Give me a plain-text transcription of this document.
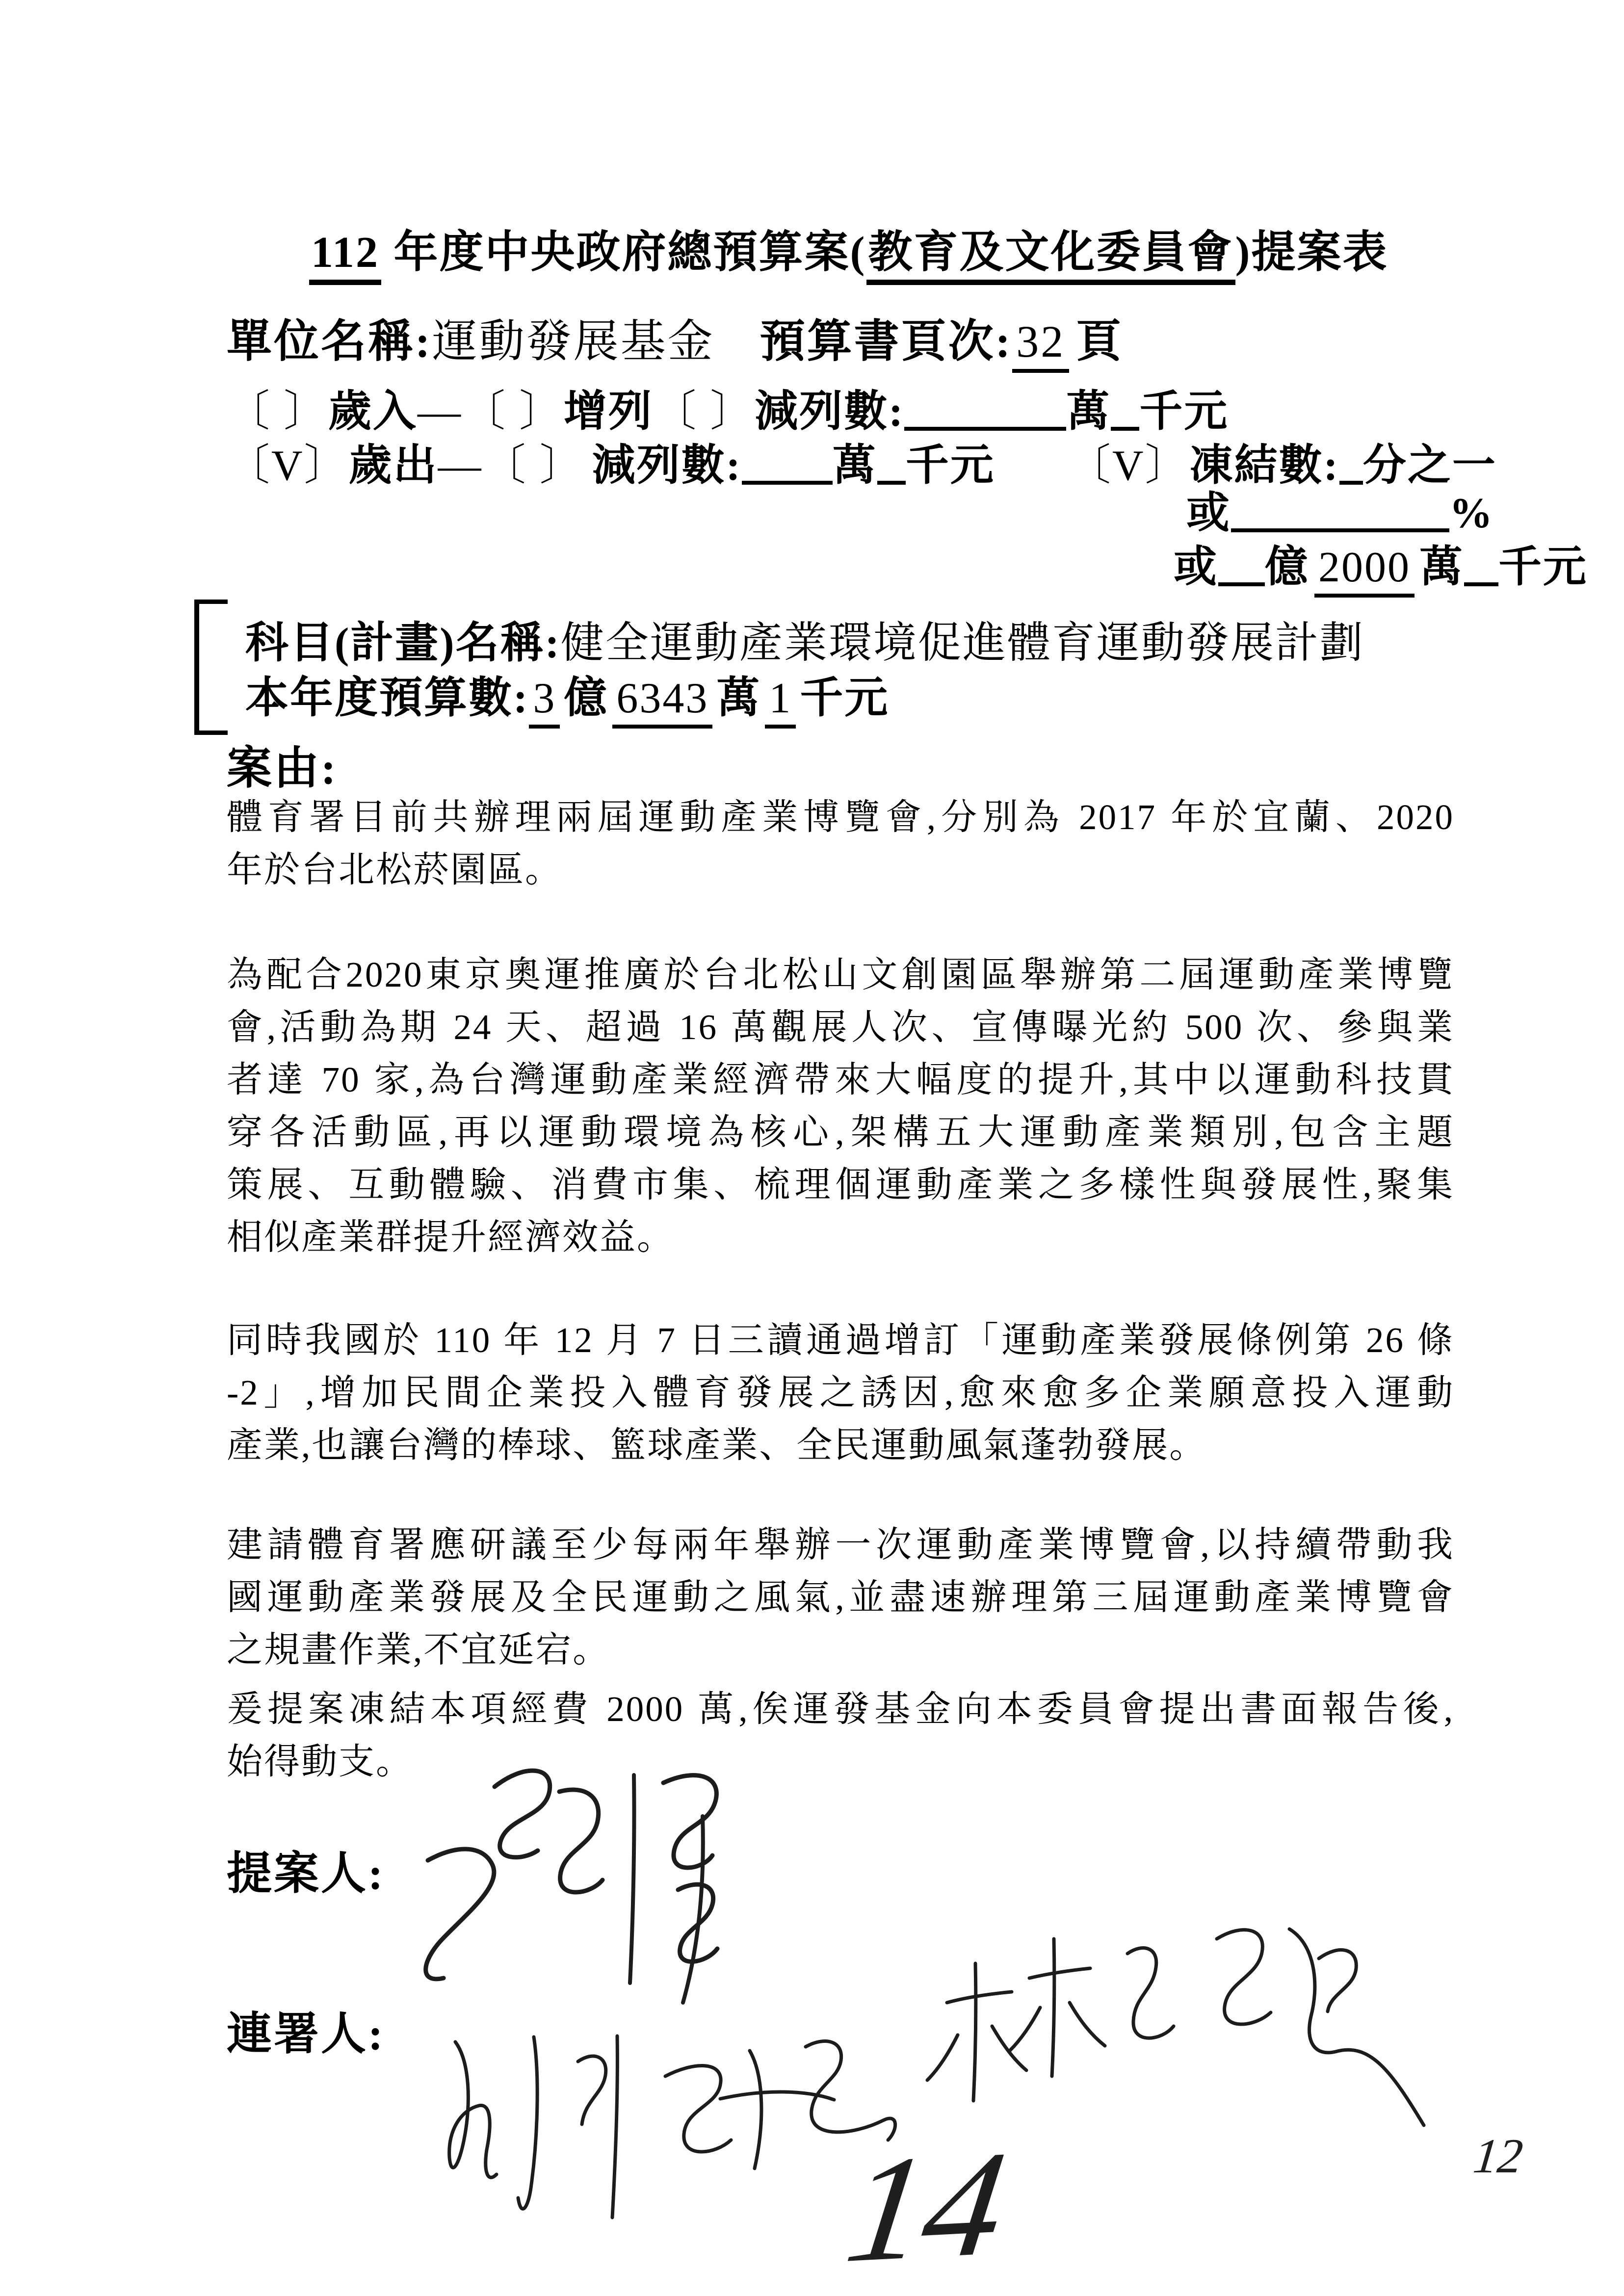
112 年度中央政府總預算案(教育及文化委員會)提案表
單位名稱:運動發展基金 預算書頁次:32 頁
〔 〕歲入—〔 〕增列〔 〕減列數:	萬 千元
〔V〕歲出—〔 〕 減列數: 萬 千元 〔V〕凍結數: 分之一
或	%
或 億 2000 萬 千元
科目(計畫)名稱:健全運動產業環境促進體育運動發展計劃
本年度預算數:3 億 6343 萬 1 千元
案由:
體育署目前共辦理兩屆運動產業博覽會,分別為 2017 年於宜蘭、2020
年於台北松菸園區。
為配合2020東京奧運推廣於台北松山文創園區舉辦第二屆運動產業博覽
會,活動為期 24 天、超過 16 萬觀展人次、宣傳曝光約 500 次、參與業
者達 70 家,為台灣運動產業經濟帶來大幅度的提升,其中以運動科技貫
穿各活動區,再以運動環境為核心,架構五大運動產業類別,包含主題
策展、互動體驗、消費市集、梳理個運動產業之多樣性與發展性,聚集
相似產業群提升經濟效益。
同時我國於 110 年 12 月 7 日三讀通過增訂「運動產業發展條例第 26 條
-2」,增加民間企業投入體育發展之誘因,愈來愈多企業願意投入運動
產業,也讓台灣的棒球、籃球產業、全民運動風氣蓬勃發展。
建請體育署應研議至少每兩年舉辦一次運動產業博覽會,以持續帶動我
國運動產業發展及全民運動之風氣,並盡速辦理第三屆運動產業博覽會
之規畫作業,不宜延宕。
爰提案凍結本項經費 2000 萬,俟運發基金向本委員會提出書面報告後,
始得動支。
提案人:
連署人:
14	12
